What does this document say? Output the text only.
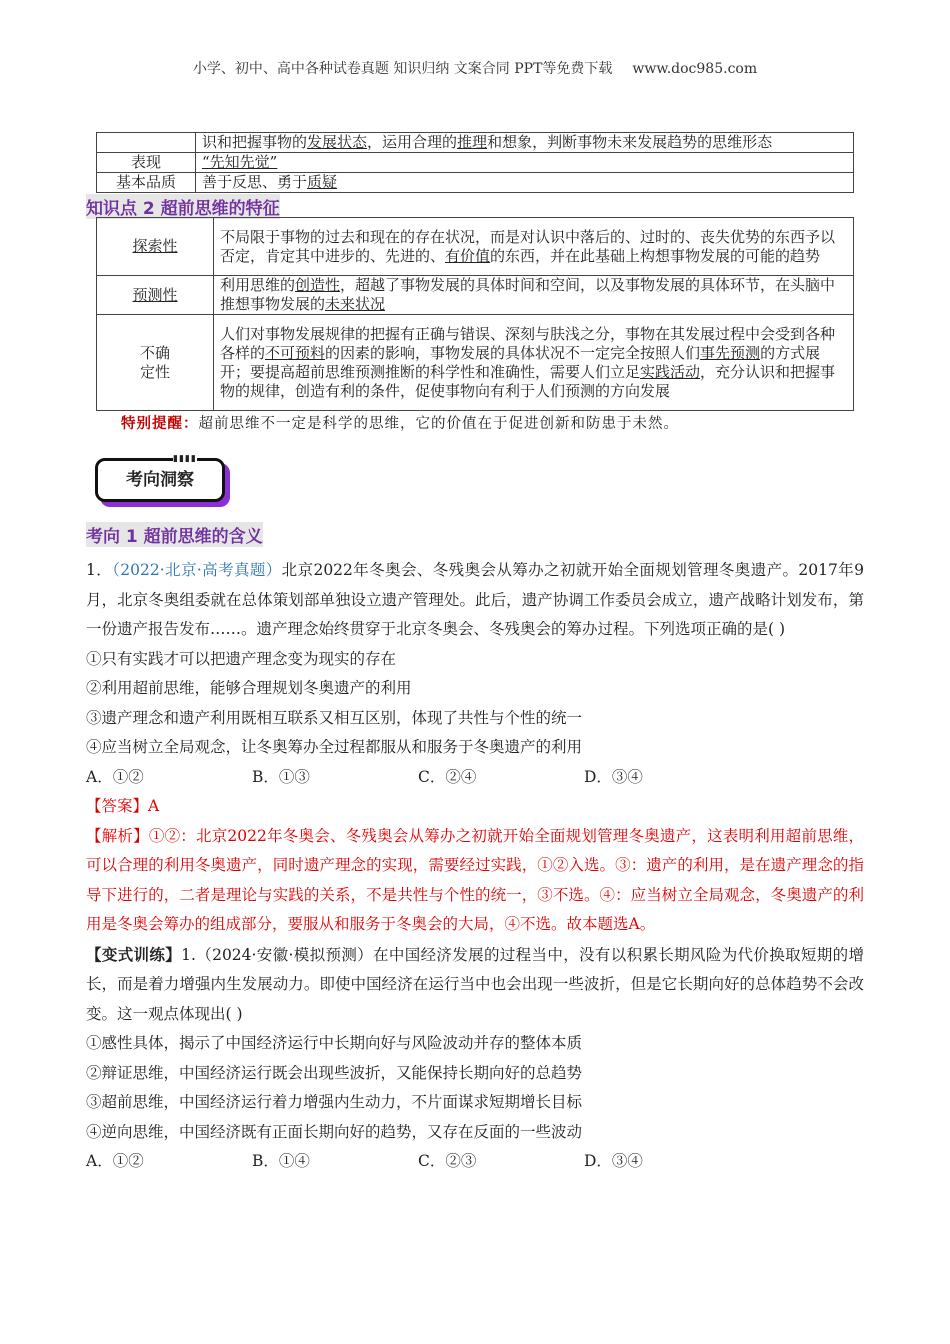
小学、初中、高中各种试卷真题 知识归纳 文案合同 PPT等免费下载 www.doc985.com
	识和把握事物的发展状态，运用合理的推理和想象，判断事物未来发展趋势的思维形态
表现	“先知先觉”
基本品质	善于反思、勇于质疑
知识点 2 超前思维的特征
探索性	不局限于事物的过去和现在的存在状况，而是对认识中落后的、过时的、丧失优势的东西予以否定，肯定其中进步的、先进的、有价值的东西，并在此基础上构想事物发展的可能的趋势
预测性	利用思维的创造性，超越了事物发展的具体时间和空间，以及事物发展的具体环节，在头脑中推想事物发展的未来状况
不确定性	人们对事物发展规律的把握有正确与错误、深刻与肤浅之分，事物在其发展过程中会受到各种各样的不可预料的因素的影响，事物发展的具体状况不一定完全按照人们事先预测的方式展开；要提高超前思维预测推断的科学性和准确性，需要人们立足实践活动，充分认识和把握事物的规律，创造有利的条件，促使事物向有利于人们预测的方向发展
特别提醒：超前思维不一定是科学的思维，它的价值在于促进创新和防患于未然。
考向洞察
▮▮▮▮
考向 1 超前思维的含义

1．（2022·北京·高考真题）北京2022年冬奥会、冬残奥会从筹办之初就开始全面规划管理冬奥遗产。2017年9月，北京冬奥组委就在总体策划部单独设立遗产管理处。此后，遗产协调工作委员会成立，遗产战略计划发布，第一份遗产报告发布……。遗产理念始终贯穿于北京冬奥会、冬残奥会的筹办过程。下列选项正确的是( )

①只有实践才可以把遗产理念变为现实的存在

②利用超前思维，能够合理规划冬奥遗产的利用

③遗产理念和遗产利用既相互联系又相互区别，体现了共性与个性的统一

④应当树立全局观念，让冬奥筹办全过程都服从和服务于冬奥遗产的利用

A．①②	B．①③	C．②④	D．③④

【答案】A

【解析】①②：北京2022年冬奥会、冬残奥会从筹办之初就开始全面规划管理冬奥遗产，这表明利用超前思维，可以合理的利用冬奥遗产，同时遗产理念的实现，需要经过实践，①②入选。③：遗产的利用，是在遗产理念的指导下进行的，二者是理论与实践的关系，不是共性与个性的统一，③不选。④：应当树立全局观念，冬奥遗产的利用是冬奥会筹办的组成部分，要服从和服务于冬奥会的大局，④不选。故本题选A。

【变式训练】1.（2024·安徽·模拟预测）在中国经济发展的过程当中，没有以积累长期风险为代价换取短期的增长，而是着力增强内生发展动力。即使中国经济在运行当中也会出现一些波折，但是它长期向好的总体趋势不会改变。这一观点体现出( )

①感性具体，揭示了中国经济运行中长期向好与风险波动并存的整体本质

②辩证思维，中国经济运行既会出现些波折，又能保持长期向好的总趋势

③超前思维，中国经济运行着力增强内生动力，不片面谋求短期增长目标

④逆向思维，中国经济既有正面长期向好的趋势，又存在反面的一些波动

A．①②	B．①④	C．②③	D．③④
